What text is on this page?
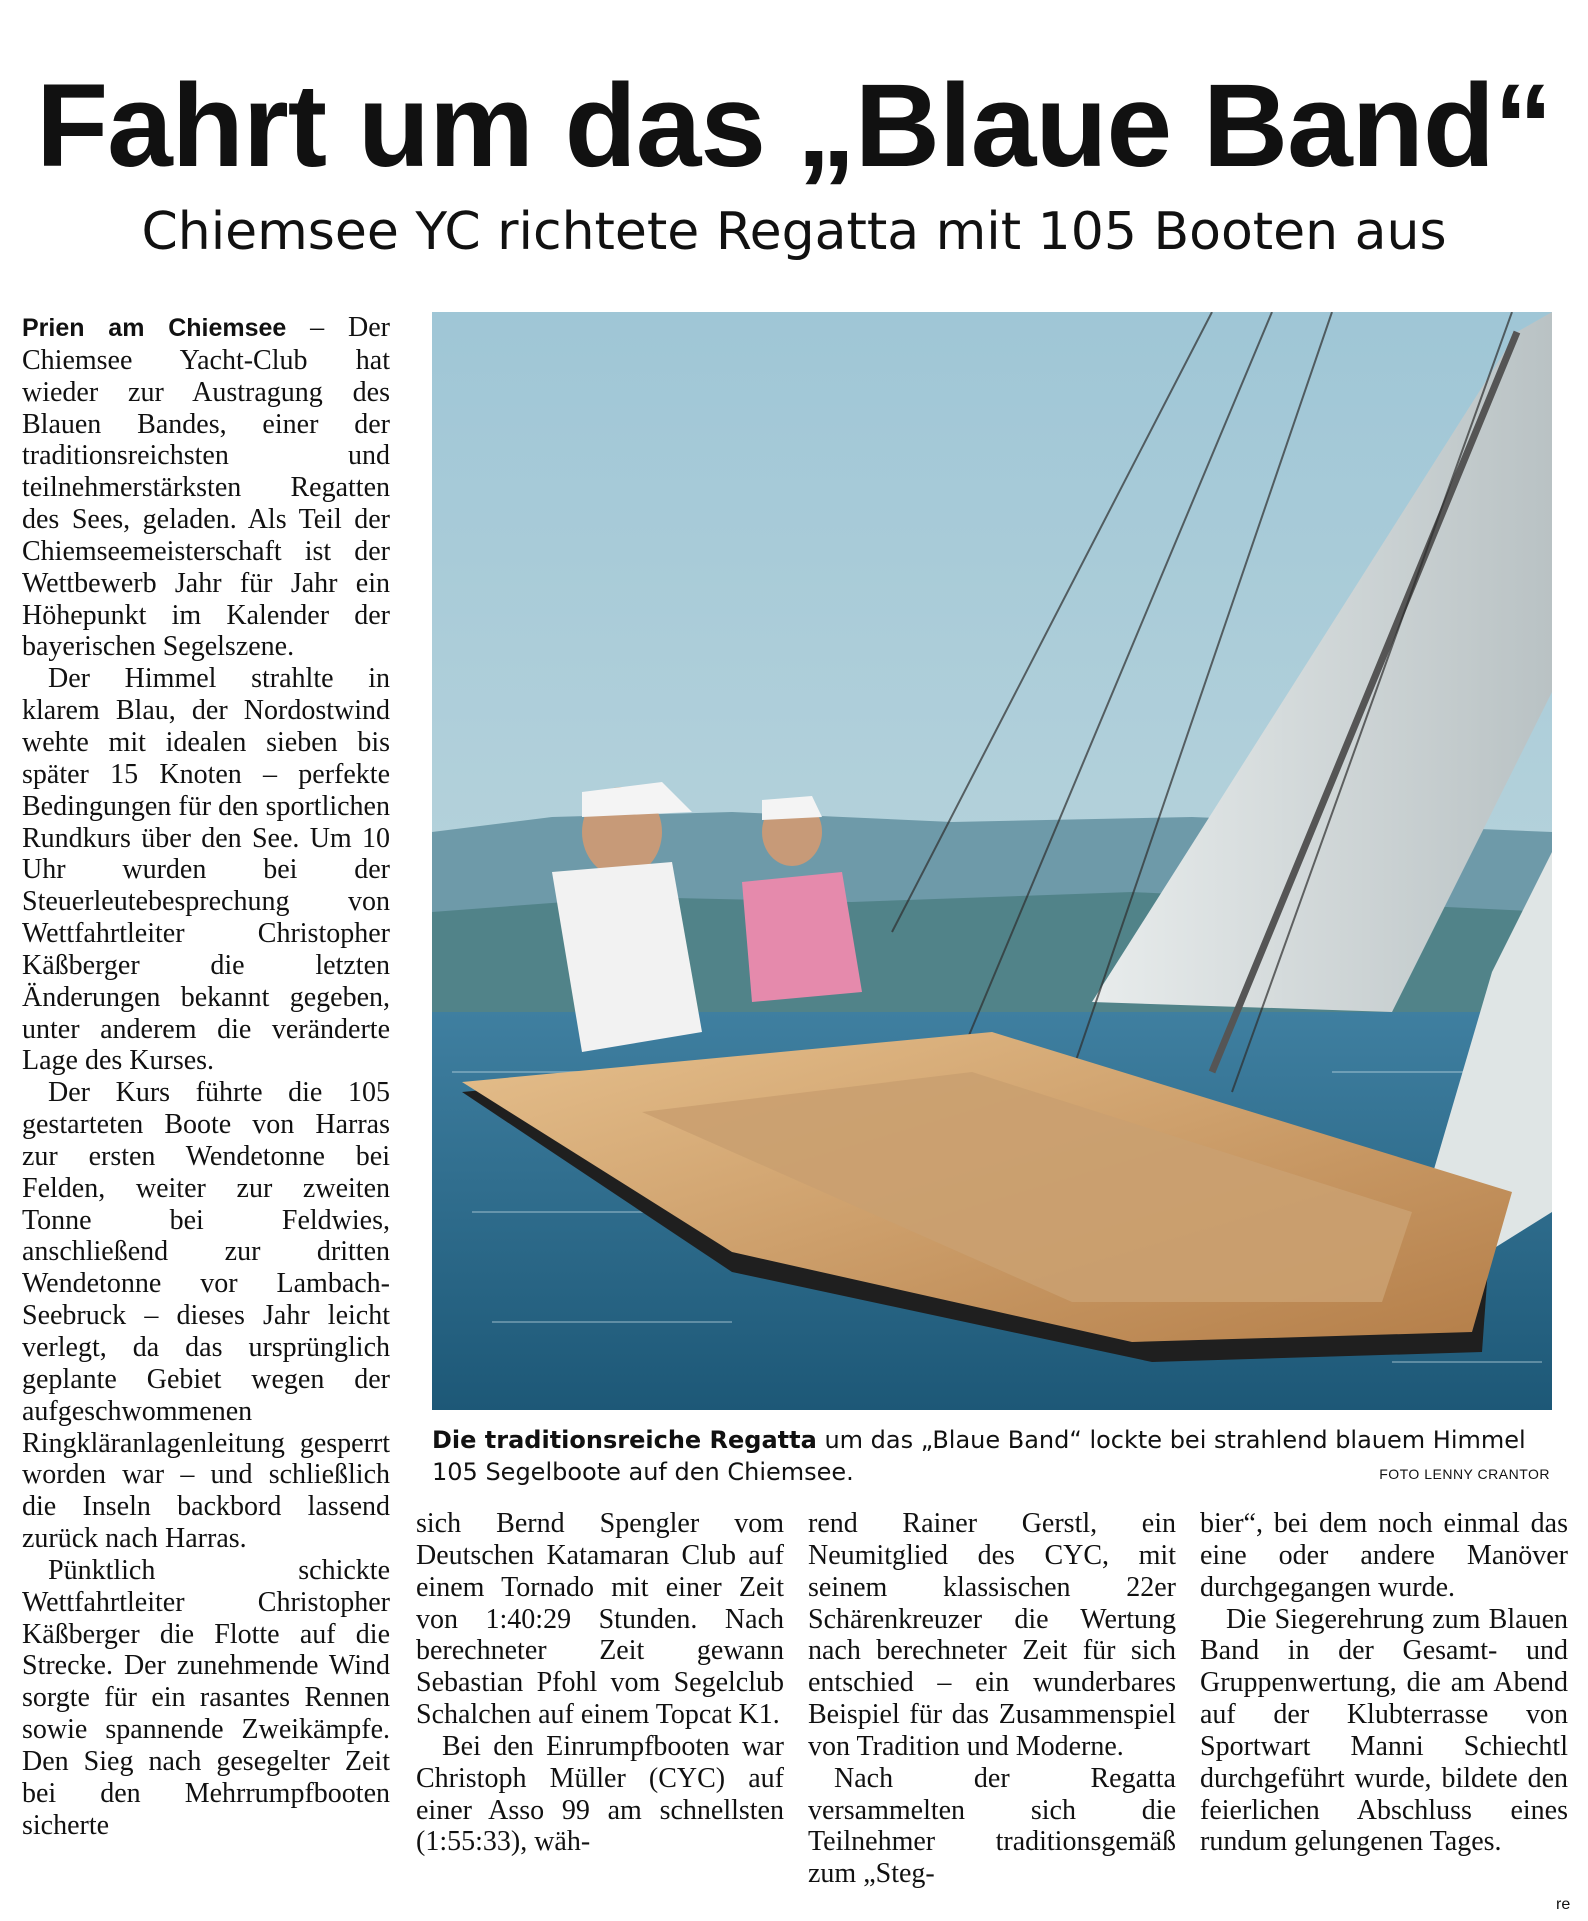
Fahrt um das „Blaue Band“
Chiemsee YC richtete Regatta mit 105 Booten aus

Prien am Chiemsee – Der Chiemsee Yacht-Club hat wieder zur Austragung des Blauen Bandes, einer der traditionsreichsten und teilnehmerstärksten Regatten des Sees, geladen. Als Teil der Chiemseemeisterschaft ist der Wettbewerb Jahr für Jahr ein Höhepunkt im Kalender der bayerischen Segelszene.

Der Himmel strahlte in klarem Blau, der Nordostwind wehte mit idealen sieben bis später 15 Knoten – perfekte Bedingungen für den sportlichen Rundkurs über den See. Um 10 Uhr wurden bei der Steuerleutebesprechung von Wettfahrtleiter Christopher Käßberger die letzten Änderungen bekannt gegeben, unter anderem die veränderte Lage des Kurses.

Der Kurs führte die 105 gestarteten Boote von Harras zur ersten Wendetonne bei Felden, weiter zur zweiten Tonne bei Feldwies, anschließend zur dritten Wendetonne vor Lambach-Seebruck – dieses Jahr leicht verlegt, da das ursprünglich geplante Gebiet wegen der aufgeschwommenen Ringkläranlagenleitung gesperrt worden war – und schließlich die Inseln backbord lassend zurück nach Harras.

Pünktlich schickte Wettfahrtleiter Christopher Käßberger die Flotte auf die Strecke. Der zunehmende Wind sorgte für ein rasantes Rennen sowie spannende Zweikämpfe. Den Sieg nach gesegelter Zeit bei den Mehrrumpfbooten sicherte

Die traditionsreiche Regatta um das „Blaue Band“ lockte bei strahlend blauem Himmel 105 Segelboote auf den Chiemsee.	FOTO LENNY CRANTOR

sich Bernd Spengler vom Deutschen Katamaran Club auf einem Tornado mit einer Zeit von 1:40:29 Stunden. Nach berechneter Zeit gewann Sebastian Pfohl vom Segelclub Schalchen auf einem Topcat K1.

Bei den Einrumpfbooten war Christoph Müller (CYC) auf einer Asso 99 am schnellsten (1:55:33), wäh-

rend Rainer Gerstl, ein Neumitglied des CYC, mit seinem klassischen 22er Schärenkreuzer die Wertung nach berechneter Zeit für sich entschied – ein wunderbares Beispiel für das Zusammenspiel von Tradition und Moderne.

Nach der Regatta versammelten sich die Teilnehmer traditionsgemäß zum „Steg-

bier“, bei dem noch einmal das eine oder andere Manöver durchgegangen wurde.

Die Siegerehrung zum Blauen Band in der Gesamt- und Gruppenwertung, die am Abend auf der Klubterrasse von Sportwart Manni Schiechtl durchgeführt wurde, bildete den feierlichen Abschluss eines rundum gelungenen Tages.

re
